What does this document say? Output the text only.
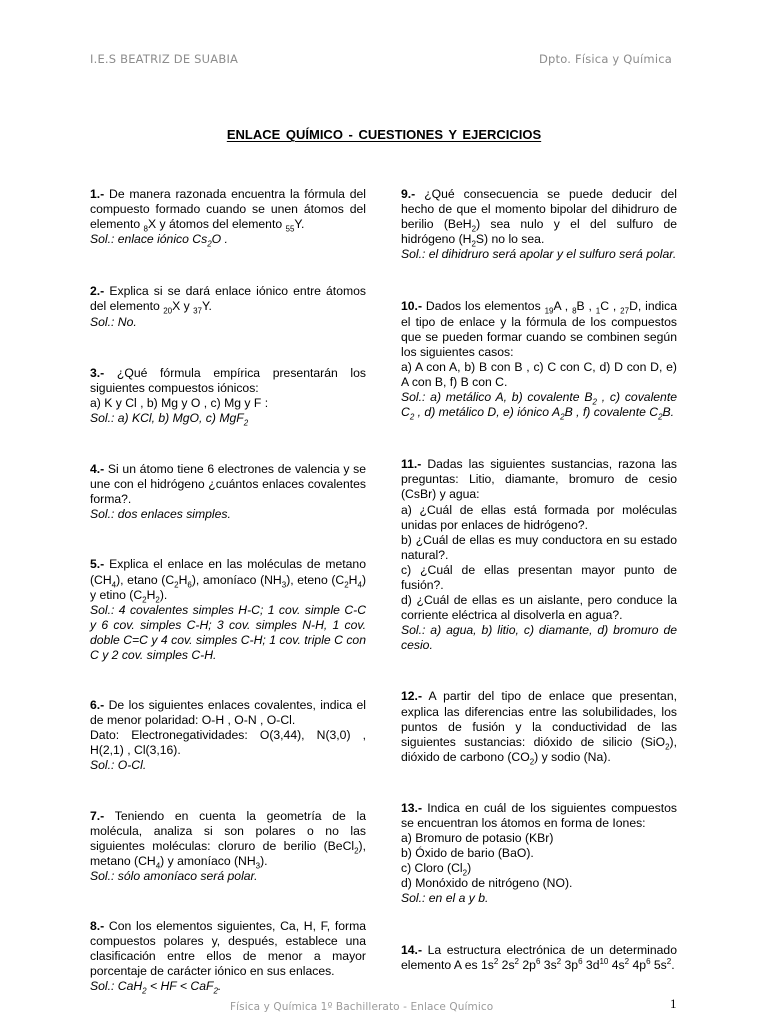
I.E.S BEATRIZ DE SUABIA	Dpto. Física y Química
ENLACE QUÍMICO - CUESTIONES Y EJERCICIOS
1.- De manera razonada encuentra la fórmula del compuesto formado cuando se unen átomos del elemento $_8$X y átomos del elemento $_{55}$Y.
Sol.: enlace iónico $Cs_2O$ .
2.- Explica si se dará enlace iónico entre átomos del elemento $_{20}$X y $_{37}$Y.
Sol.: No.
3.- ¿Qué fórmula empírica presentarán los siguientes compuestos iónicos:
a) K y Cl , b) Mg y O , c) Mg y F :
Sol.: a) KCl, b) MgO, c) MgF$_2$
4.- Si un átomo tiene 6 electrones de valencia y se une con el hidrógeno ¿cuántos enlaces covalentes forma?.
Sol.: dos enlaces simples.
5.- Explica el enlace en las moléculas de metano $(CH_4)$, etano $(C_2H_6)$, amoníaco $(NH_3)$, eteno $(C_2H_4)$ y etino $(C_2H_2)$.
Sol.: 4 covalentes simples H-C; 1 cov. simple C-C y 6 cov. simples C-H; 3 cov. simples N-H, 1 cov. doble C=C y 4 cov. simples C-H; 1 cov. triple C con C y 2 cov. simples C-H.
6.- De los siguientes enlaces covalentes, indica el de menor polaridad: O-H , O-N , O-Cl.
Dato: Electronegatividades: O(3,44), N(3,0) , H(2,1) , Cl(3,16).
Sol.: O-Cl.
7.- Teniendo en cuenta la geometría de la molécula, analiza si son polares o no las siguientes moléculas: cloruro de berilio (BeCl$_2$), metano $(CH_4)$ y amoníaco $(NH_3)$.
Sol.: sólo amoníaco será polar.
8.- Con los elementos siguientes, Ca, H, F, forma compuestos polares y, después, establece una clasificación entre ellos de menor a mayor porcentaje de carácter iónico en sus enlaces.
Sol.: CaH$_2$ < HF < CaF$_2$.
9.- ¿Qué consecuencia se puede deducir del hecho de que el momento bipolar del dihidruro de berilio (BeH$_2$) sea nulo y el del sulfuro de hidrógeno $(H_2S)$ no lo sea.
Sol.: el dihidruro será apolar y el sulfuro será polar.
10.- Dados los elementos $_{19}$A , $_8$B , $_1$C , $_{27}$D, indica el tipo de enlace y la fórmula de los compuestos que se pueden formar cuando se combinen según los siguientes casos:
a) A con A, b) B con B , c) C con C, d) D con D, e) A con B, f) B con C.
Sol.: a) metálico A, b) covalente $B_2$ , c) covalente $C_2$ , d) metálico D, e) iónico $A_2B$ , f) covalente $C_2B$.
11.- Dadas las siguientes sustancias, razona las preguntas: Litio, diamante, bromuro de cesio (CsBr) y agua:
a) ¿Cuál de ellas está formada por moléculas unidas por enlaces de hidrógeno?.
b) ¿Cuál de ellas es muy conductora en su estado natural?.
c) ¿Cuál de ellas presentan mayor punto de fusión?.
d) ¿Cuál de ellas es un aislante, pero conduce la corriente eléctrica al disolverla en agua?.
Sol.: a) agua, b) litio, c) diamante, d) bromuro de cesio.
12.- A partir del tipo de enlace que presentan, explica las diferencias entre las solubilidades, los puntos de fusión y la conductividad de las siguientes sustancias: dióxido de silicio (SiO$_2$), dióxido de carbono $(CO_2)$ y sodio (Na).
13.- Indica en cuál de los siguientes compuestos se encuentran los átomos en forma de Iones:
a) Bromuro de potasio (KBr)
b) Óxido de bario (BaO).
c) Cloro $(Cl_2)$
d) Monóxido de nitrógeno (NO).
Sol.: en el a y b.
14.- La estructura electrónica de un determinado elemento A es $1s^2$ $2s^2$ $2p^6$ $3s^2$ $3p^6$ $3d^{10}$ $4s^2$ $4p^6$ $5s^2$.
Física y Química 1º Bachillerato - Enlace Químico	1
